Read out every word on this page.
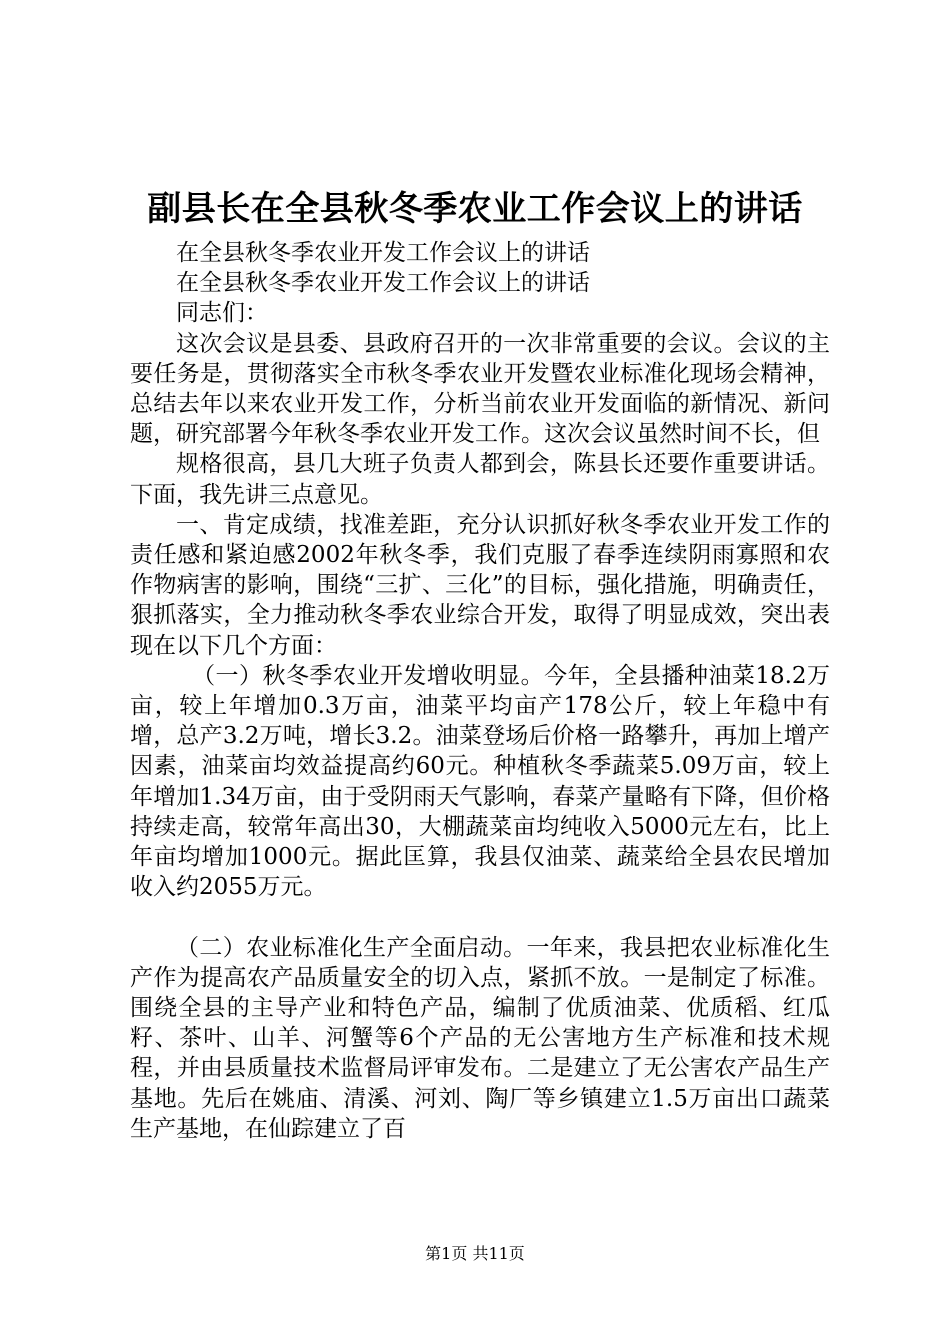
副县长在全县秋冬季农业工作会议上的讲话

在全县秋冬季农业开发工作会议上的讲话

在全县秋冬季农业开发工作会议上的讲话

同志们：

这次会议是县委、县政府召开的一次非常重要的会议。会议的主要任务是，贯彻落实全市秋冬季农业开发暨农业标准化现场会精神，总结去年以来农业开发工作，分析当前农业开发面临的新情况、新问题，研究部署今年秋冬季农业开发工作。这次会议虽然时间不长，但

规格很高，县几大班子负责人都到会，陈县长还要作重要讲话。下面，我先讲三点意见。

一、肯定成绩，找准差距，充分认识抓好秋冬季农业开发工作的责任感和紧迫感2002年秋冬季，我们克服了春季连续阴雨寡照和农作物病害的影响，围绕“三扩、三化”的目标，强化措施，明确责任，狠抓落实，全力推动秋冬季农业综合开发，取得了明显成效，突出表现在以下几个方面：

（一）秋冬季农业开发增收明显。今年，全县播种油菜18.2万亩，较上年增加0.3万亩，油菜平均亩产178公斤，较上年稳中有增，总产3.2万吨，增长3.2。油菜登场后价格一路攀升，再加上增产因素，油菜亩均效益提高约60元。种植秋冬季蔬菜5.09万亩，较上年增加1.34万亩，由于受阴雨天气影响，春菜产量略有下降，但价格持续走高，较常年高出30，大棚蔬菜亩均纯收入5000元左右，比上年亩均增加1000元。据此匡算，我县仅油菜、蔬菜给全县农民增加收入约2055万元。

（二）农业标准化生产全面启动。一年来，我县把农业标准化生产作为提高农产品质量安全的切入点，紧抓不放。一是制定了标准。围绕全县的主导产业和特色产品，编制了优质油菜、优质稻、红瓜籽、茶叶、山羊、河蟹等6个产品的无公害地方生产标准和技术规程，并由县质量技术监督局评审发布。二是建立了无公害农产品生产基地。先后在姚庙、清溪、河刘、陶厂等乡镇建立1.5万亩出口蔬菜生产基地，在仙踪建立了百

第1页 共11页
